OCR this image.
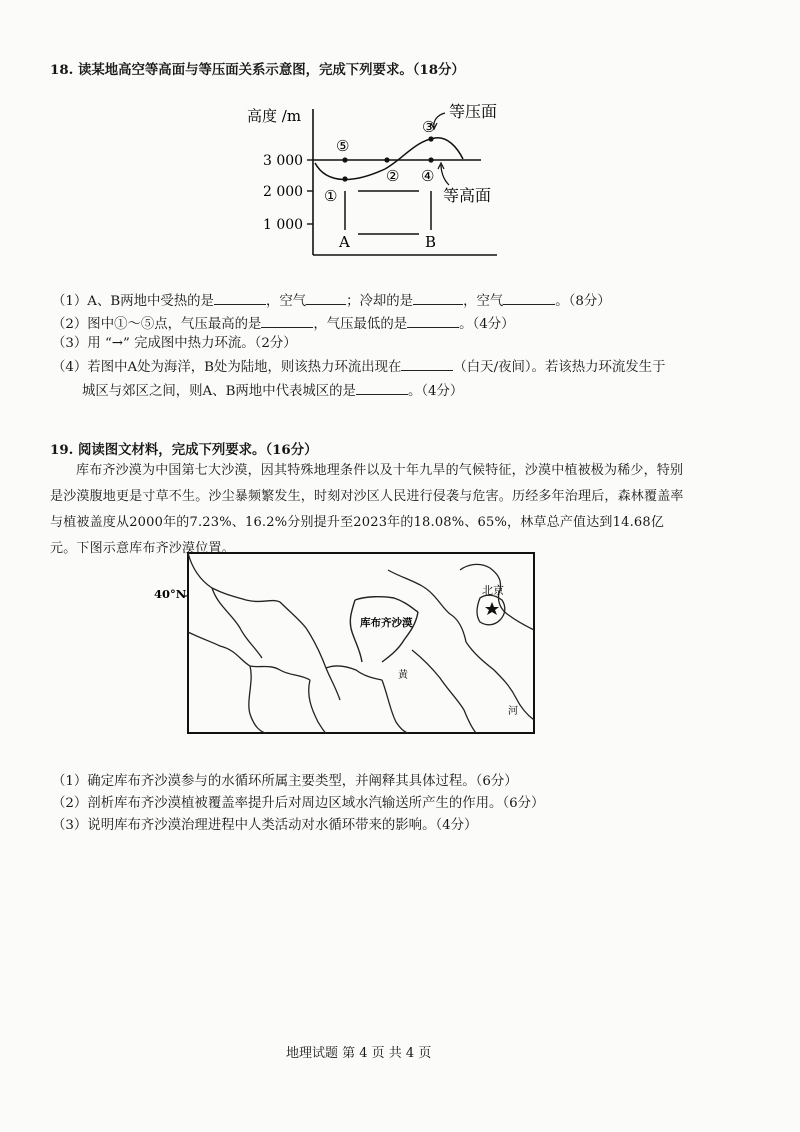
18. 读某地高空等高面与等压面关系示意图，完成下列要求。（18分）
高度 /m
3 000
2 000
1 000
⑤
③
② ④
①
等压面
等高面
A	B
（1）A、B两地中受热的是	，空气	；冷却的是	，空气	。（8分）
（2）图中①～⑤点，气压最高的是	，气压最低的是	。（4分）
（3）用 “→” 完成图中热力环流。（2分）
（4）若图中A处为海洋，B处为陆地，则该热力环流出现在	（白天/夜间）。若该热力环流发生于
城区与郊区之间，则A、B两地中代表城区的是	。（4分）
19. 阅读图文材料，完成下列要求。（16分）
库布齐沙漠为中国第七大沙漠，因其特殊地理条件以及十年九旱的气候特征，沙漠中植被极为稀少，特别是沙漠腹地更是寸草不生。沙尘暴频繁发生，时刻对沙区人民进行侵袭与危害。历经多年治理后，森林覆盖率与植被盖度从2000年的7.23%、16.2%分别提升至2023年的18.08%、65%，林草总产值达到14.68亿元。下图示意库布齐沙漠位置。
40°N	北京
库布齐沙漠
黄
河
（1）确定库布齐沙漠参与的水循环所属主要类型，并阐释其具体过程。（6分）
（2）剖析库布齐沙漠植被覆盖率提升后对周边区域水汽输送所产生的作用。（6分）
（3）说明库布齐沙漠治理进程中人类活动对水循环带来的影响。（4分）
地理试题 第 4 页 共 4 页
